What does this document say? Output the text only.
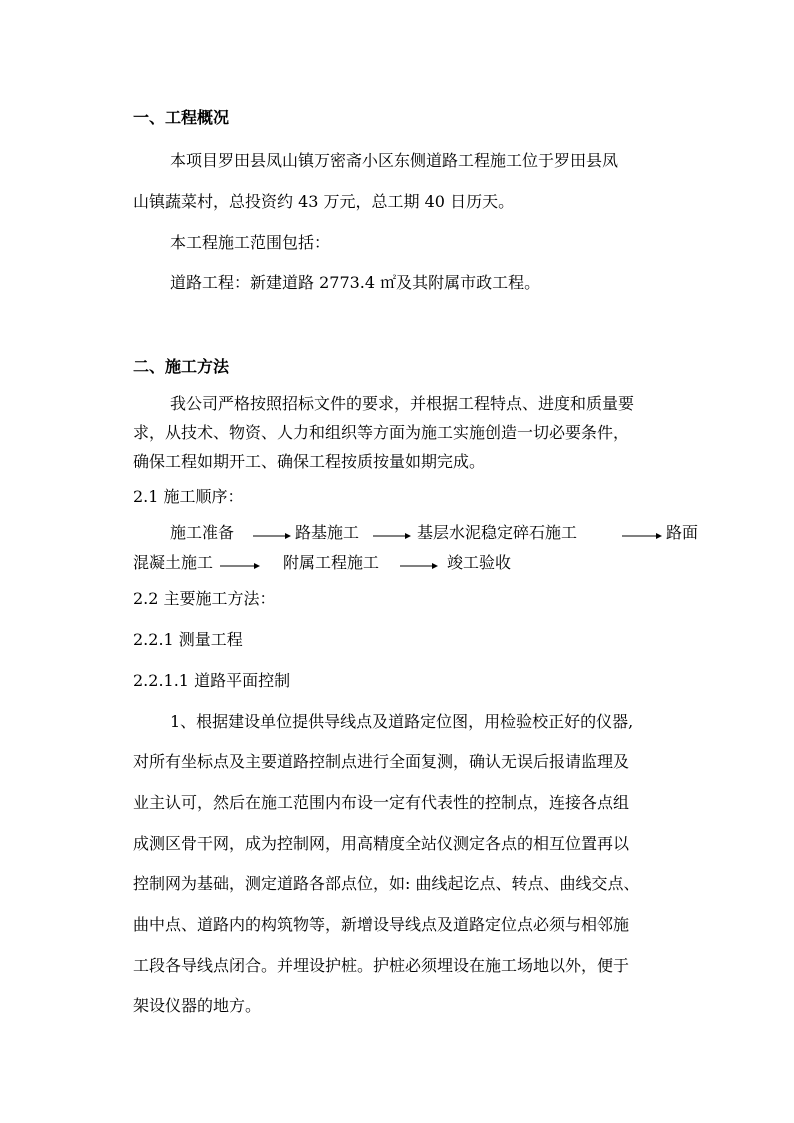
一、工程概况
本项目罗田县凤山镇万密斋小区东侧道路工程施工位于罗田县凤
山镇蔬菜村，总投资约 43 万元，总工期 40 日历天。
本工程施工范围包括：
道路工程：新建道路 2773.4 ㎡及其附属市政工程。
二、施工方法
我公司严格按照招标文件的要求，并根据工程特点、进度和质量要
求，从技术、物资、人力和组织等方面为施工实施创造一切必要条件，
确保工程如期开工、确保工程按质按量如期完成。
2.1 施工顺序：
施工准备	路基施工	基层水泥稳定碎石施工	路面
混凝土施工	附属工程施工	竣工验收
2.2 主要施工方法：
2.2.1 测量工程
2.2.1.1 道路平面控制
1、根据建设单位提供导线点及道路定位图，用检验校正好的仪器,
对所有坐标点及主要道路控制点进行全面复测，确认无误后报请监理及
业主认可，然后在施工范围内布设一定有代表性的控制点，连接各点组
成测区骨干网，成为控制网，用高精度全站仪测定各点的相互位置再以
控制网为基础，测定道路各部点位，如: 曲线起讫点、转点、曲线交点、
曲中点、道路内的构筑物等，新增设导线点及道路定位点必须与相邻施
工段各导线点闭合。并埋设护桩。护桩必须埋设在施工场地以外，便于
架设仪器的地方。
